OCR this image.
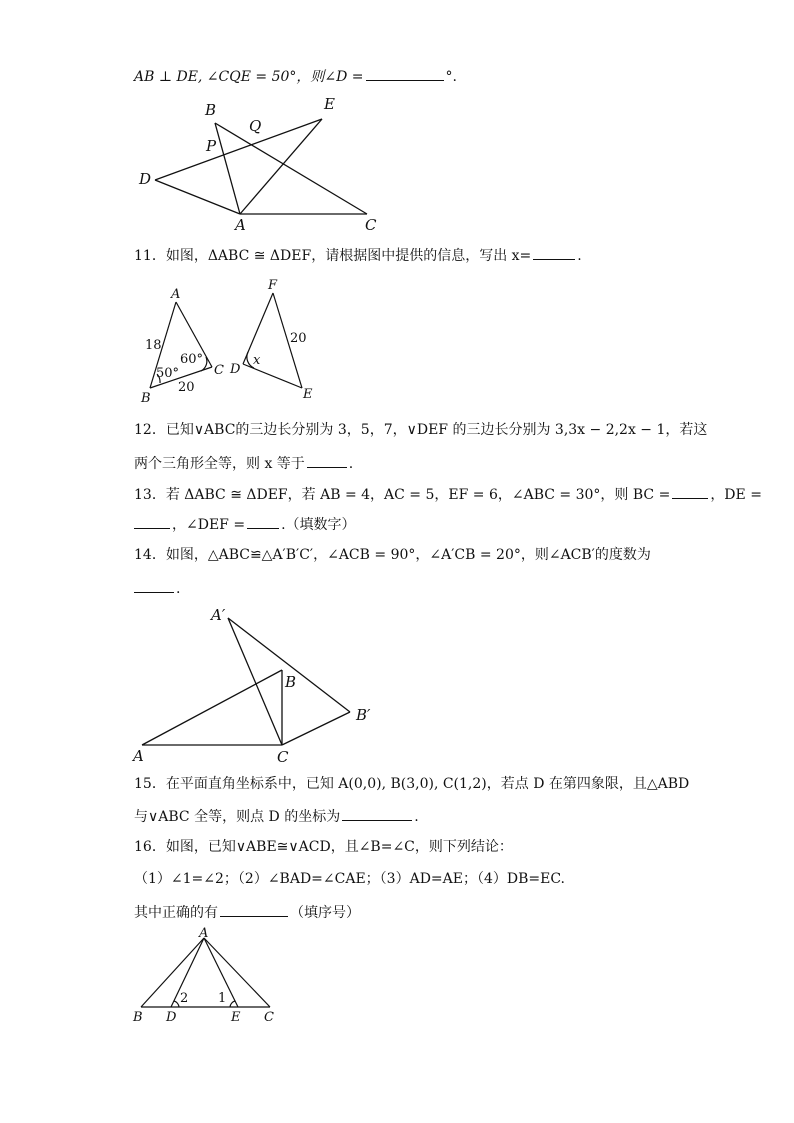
AB ⊥ DE, ∠CQE = 50°，则∠D =	°.
B	E
Q
P
D
A	C
A
B
C
18
20
50°
60°
F
D
E
20
x
A′
B
B′
A	C
A
B D	E C
2 1
11．如图，ΔABC ≅ ΔDEF，请根据图中提供的信息，写出 x=	.
12．已知∨ABC的三边长分别为 3，5，7，∨DEF 的三边长分别为 3,3x − 2,2x − 1，若这
两个三角形全等，则 x 等于	.
13．若 ΔABC ≅ ΔDEF，若 AB = 4，AC = 5，EF = 6，∠ABC = 30°，则 BC =	，DE =
，∠DEF =	.（填数字）
14．如图，△ABC≌△A′B′C′，∠ACB = 90°，∠A′CB = 20°，则∠ACB′的度数为
.
15．在平面直角坐标系中，已知 A(0,0), B(3,0), C(1,2)，若点 D 在第四象限，且△ABD
与∨ABC 全等，则点 D 的坐标为	.
16．如图，已知∨ABE≅∨ACD，且∠B=∠C，则下列结论：
（1）∠1=∠2；（2）∠BAD=∠CAE；（3）AD=AE；（4）DB=EC.
其中正确的有	（填序号）
